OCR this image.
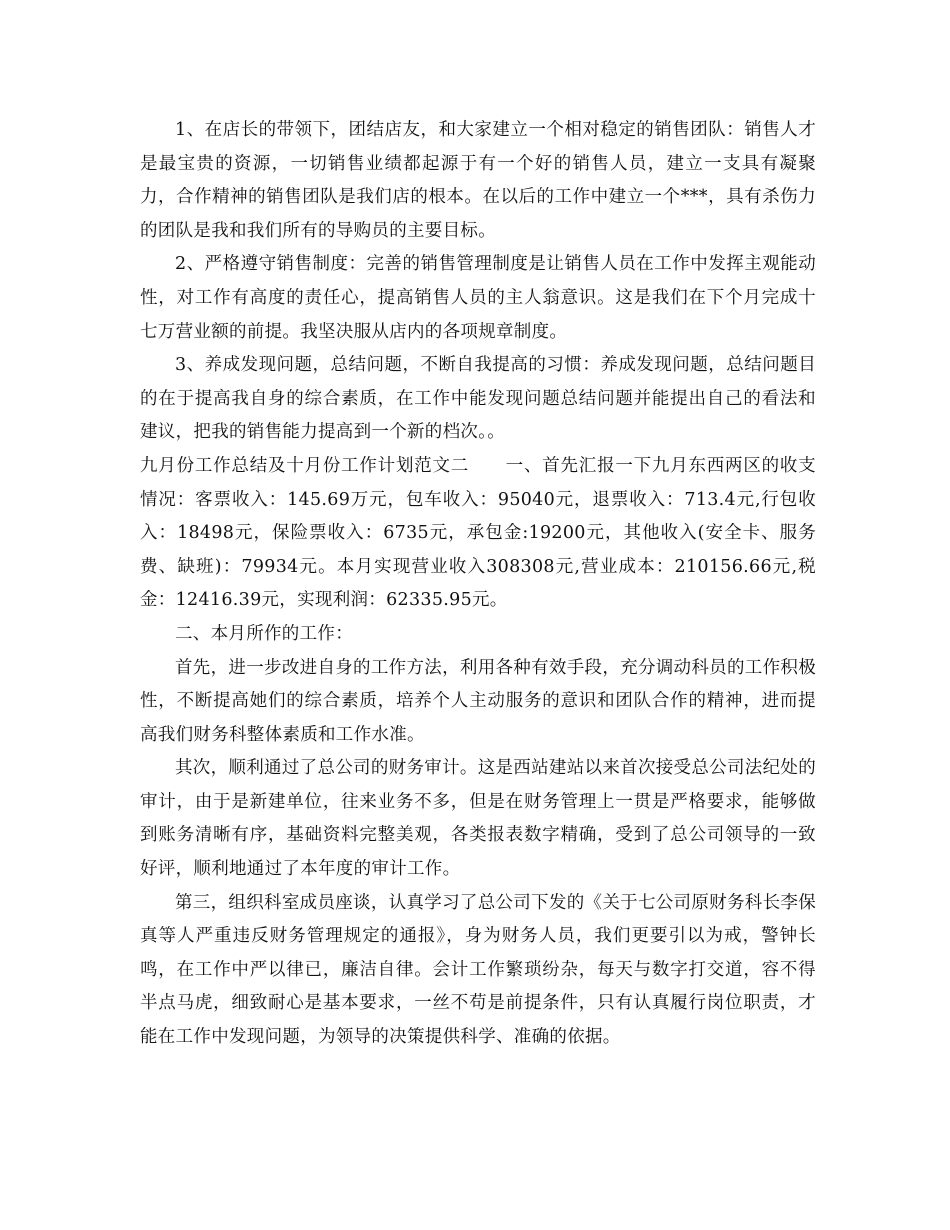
1、在店长的带领下，团结店友，和大家建立一个相对稳定的销售团队：销售人才是最宝贵的资源，一切销售业绩都起源于有一个好的销售人员，建立一支具有凝聚力，合作精神的销售团队是我们店的根本。在以后的工作中建立一个***，具有杀伤力的团队是我和我们所有的导购员的主要目标。

2、严格遵守销售制度：完善的销售管理制度是让销售人员在工作中发挥主观能动性，对工作有高度的责任心，提高销售人员的主人翁意识。这是我们在下个月完成十七万营业额的前提。我坚决服从店内的各项规章制度。

3、养成发现问题，总结问题，不断自我提高的习惯：养成发现问题，总结问题目的在于提高我自身的综合素质，在工作中能发现问题总结问题并能提出自己的看法和建议，把我的销售能力提高到一个新的档次。。

九月份工作总结及十月份工作计划范文二　　一、首先汇报一下九月东西两区的收支情况：客票收入：145.69万元，包车收入：95040元，退票收入：713.4元,行包收入：18498元，保险票收入：6735元，承包金:19200元，其他收入(安全卡、服务费、缺班)：79934元。本月实现营业收入308308元,营业成本：210156.66元,税金：12416.39元，实现利润：62335.95元。

二、本月所作的工作：

首先，进一步改进自身的工作方法，利用各种有效手段，充分调动科员的工作积极性，不断提高她们的综合素质，培养个人主动服务的意识和团队合作的精神，进而提高我们财务科整体素质和工作水准。

其次，顺利通过了总公司的财务审计。这是西站建站以来首次接受总公司法纪处的审计，由于是新建单位，往来业务不多，但是在财务管理上一贯是严格要求，能够做到账务清晰有序，基础资料完整美观，各类报表数字精确，受到了总公司领导的一致好评，顺利地通过了本年度的审计工作。

第三，组织科室成员座谈，认真学习了总公司下发的《关于七公司原财务科长李保真等人严重违反财务管理规定的通报》，身为财务人员，我们更要引以为戒，警钟长鸣，在工作中严以律已，廉洁自律。会计工作繁琐纷杂，每天与数字打交道，容不得半点马虎，细致耐心是基本要求，一丝不苟是前提条件，只有认真履行岗位职责，才能在工作中发现问题，为领导的决策提供科学、准确的依据。
